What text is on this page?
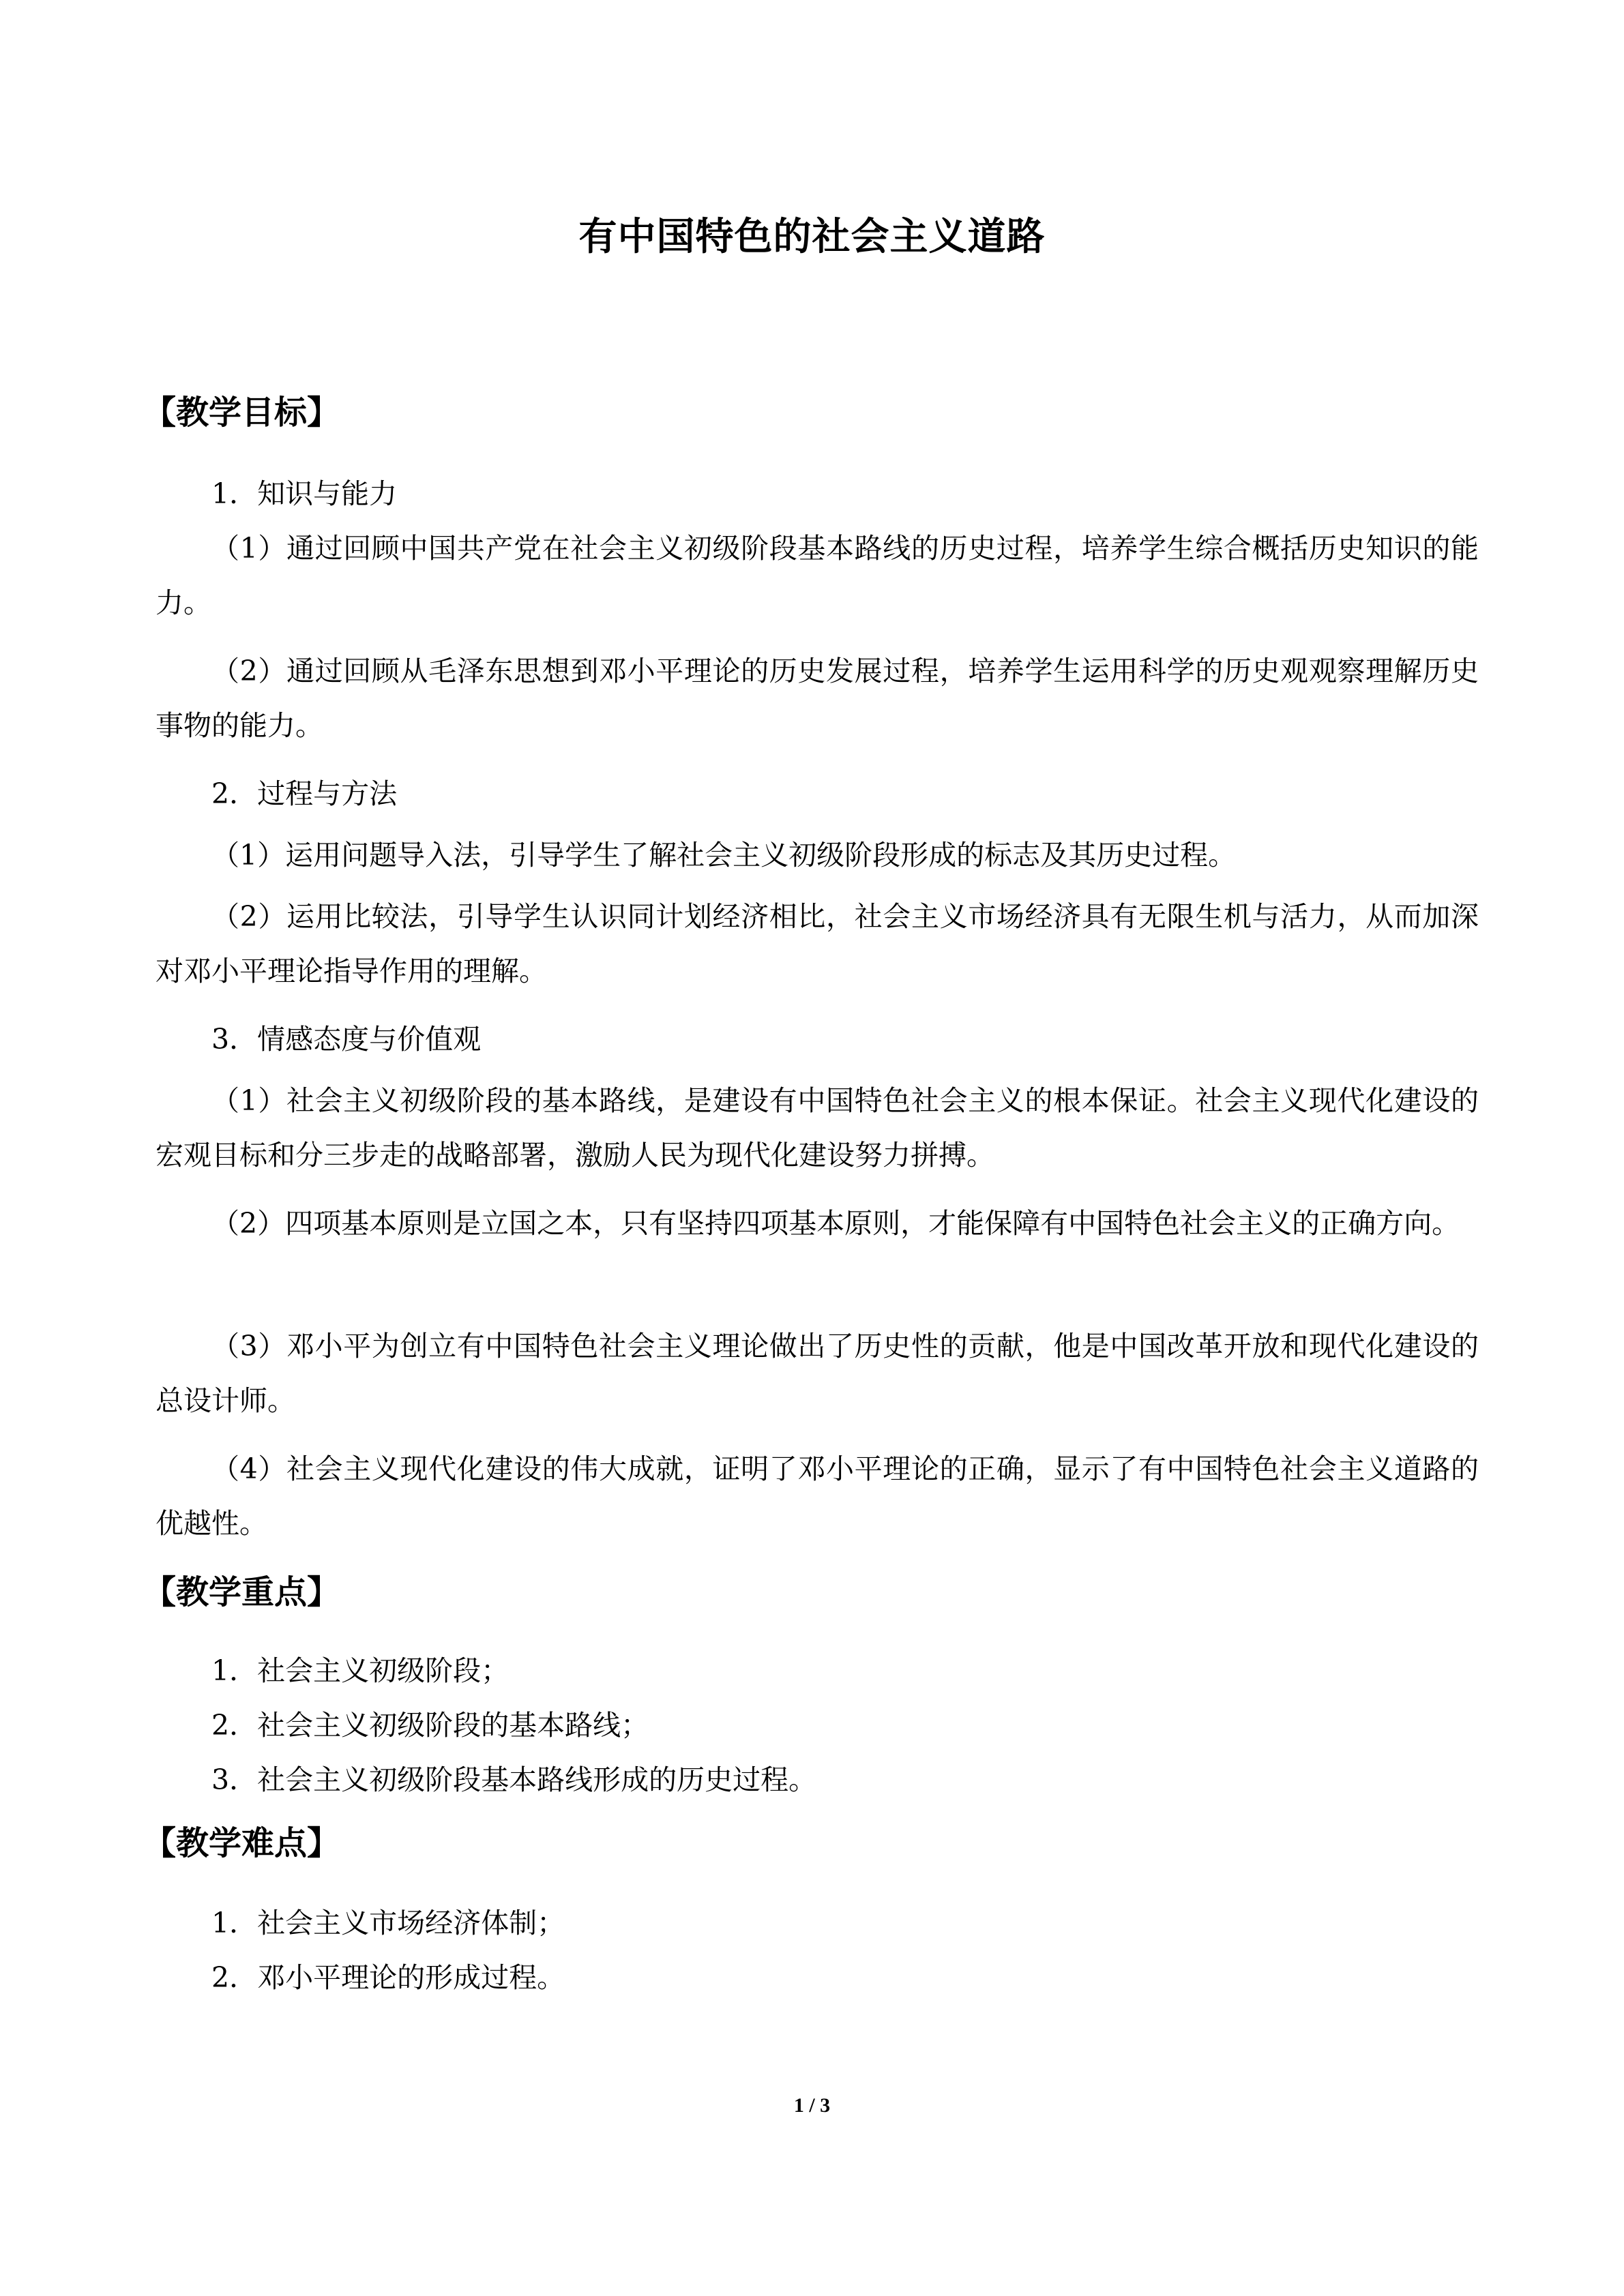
有中国特色的社会主义道路
【教学目标】
1．知识与能力
（1）通过回顾中国共产党在社会主义初级阶段基本路线的历史过程，培养学生综合概括历史知识的能力。
（2）通过回顾从毛泽东思想到邓小平理论的历史发展过程，培养学生运用科学的历史观观察理解历史事物的能力。
2．过程与方法
（1）运用问题导入法，引导学生了解社会主义初级阶段形成的标志及其历史过程。
（2）运用比较法，引导学生认识同计划经济相比，社会主义市场经济具有无限生机与活力，从而加深对邓小平理论指导作用的理解。
3．情感态度与价值观
（1）社会主义初级阶段的基本路线，是建设有中国特色社会主义的根本保证。社会主义现代化建设的宏观目标和分三步走的战略部署，激励人民为现代化建设努力拼搏。
（2）四项基本原则是立国之本，只有坚持四项基本原则，才能保障有中国特色社会主义的正确方向。
（3）邓小平为创立有中国特色社会主义理论做出了历史性的贡献，他是中国改革开放和现代化建设的总设计师。
（4）社会主义现代化建设的伟大成就，证明了邓小平理论的正确，显示了有中国特色社会主义道路的优越性。
【教学重点】
1．社会主义初级阶段；
2．社会主义初级阶段的基本路线；
3．社会主义初级阶段基本路线形成的历史过程。
【教学难点】
1．社会主义市场经济体制；
2．邓小平理论的形成过程。
1 / 3
